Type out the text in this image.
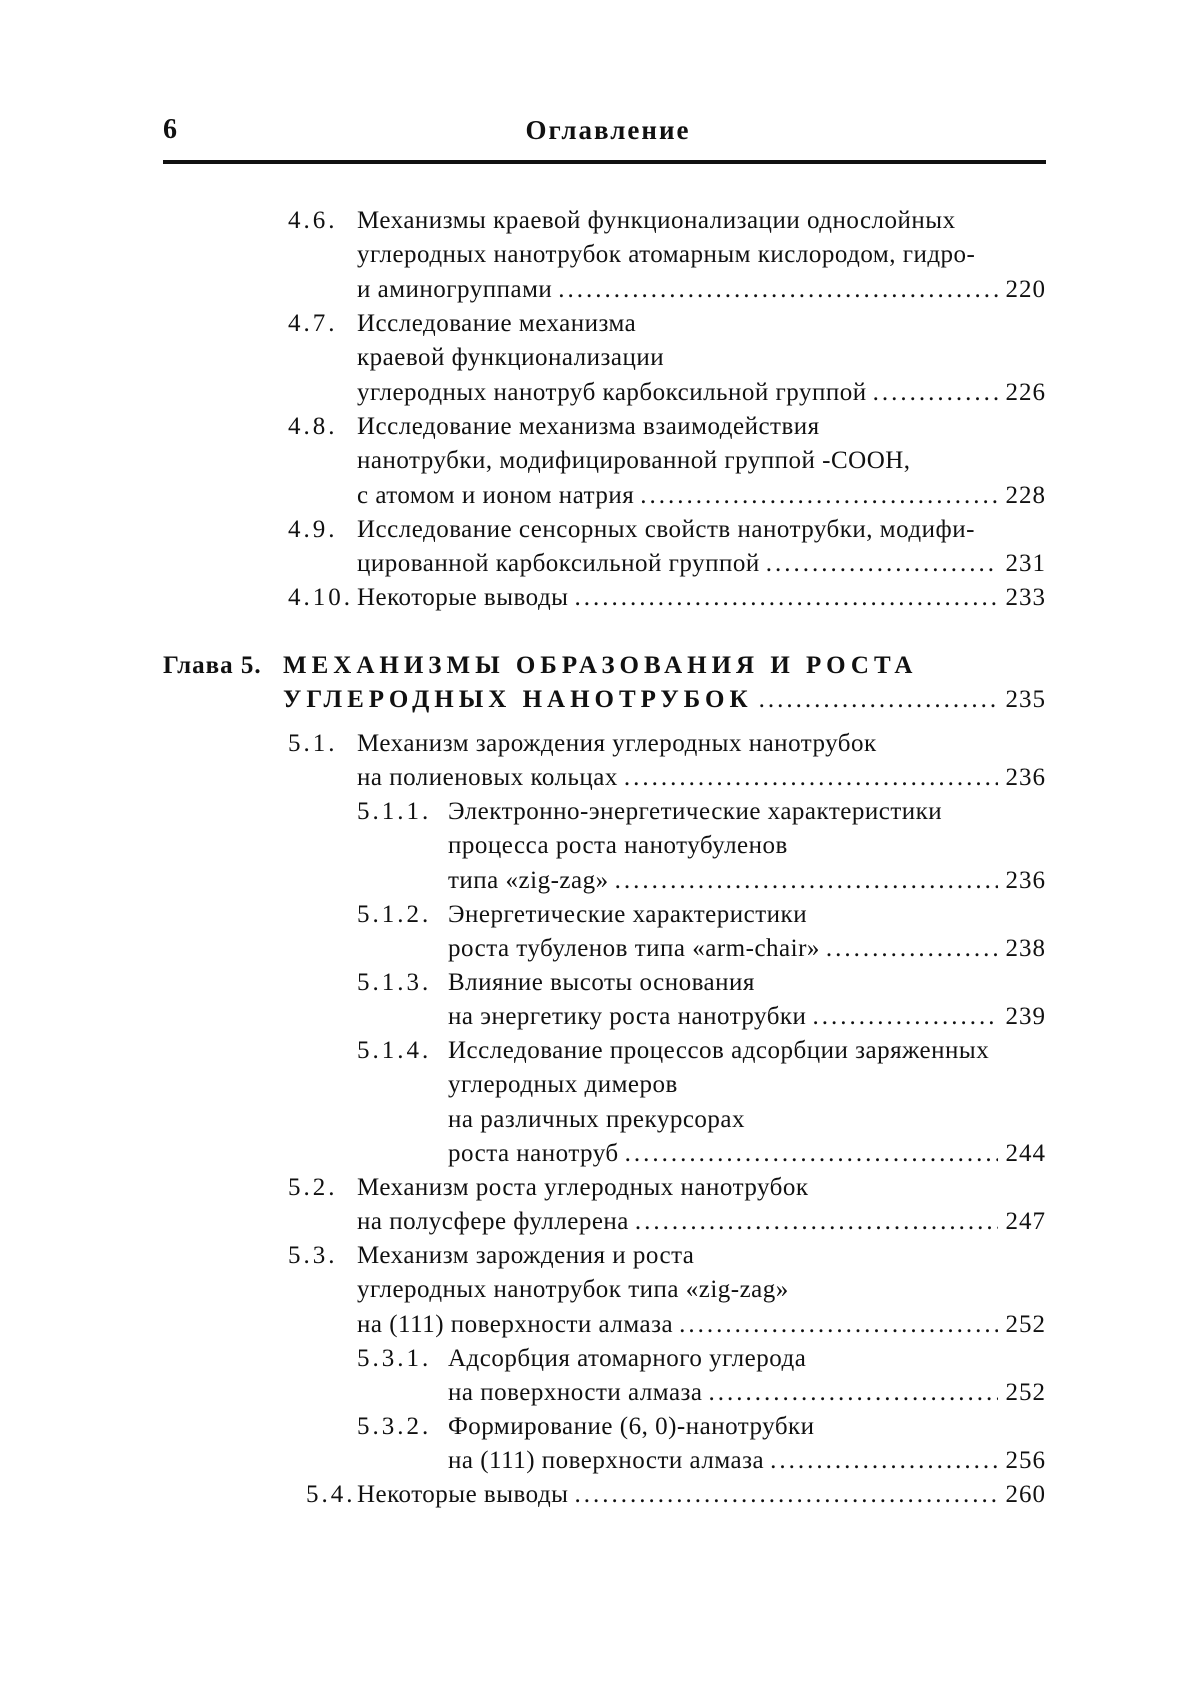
6	Оглавление
4.6. Механизмы краевой функционализации однослойных
углеродных нанотрубок атомарным кислородом, гидро-
и аминогруппами .....	220
4.7. Исследование механизма
краевой функционализации
углеродных нанотруб карбоксильной группой .....	226
4.8. Исследование механизма взаимодействия
нанотрубки, модифицированной группой -COOH,
с атомом и ионом натрия .....	228
4.9. Исследование сенсорных свойств нанотрубки, модифи-
цированной карбоксильной группой .....	231
4.10. Некоторые выводы .....	233
Глава 5. МЕХАНИЗМЫ ОБРАЗОВАНИЯ И РОСТА
УГЛЕРОДНЫХ НАНОТРУБОК .....	235
5.1. Механизм зарождения углеродных нанотрубок
на полиеновых кольцах .....	236
5.1.1. Электронно-энергетические характеристики
процесса роста нанотубуленов
типа «zig-zag» .....	236
5.1.2. Энергетические характеристики
роста тубуленов типа «arm-chair» .....	238
5.1.3. Влияние высоты основания
на энергетику роста нанотрубки .....	239
5.1.4. Исследование процессов адсорбции заряженных
углеродных димеров
на различных прекурсорах
роста нанотруб .....	244
5.2. Механизм роста углеродных нанотрубок
на полусфере фуллерена .....	247
5.3. Механизм зарождения и роста
углеродных нанотрубок типа «zig-zag»
на (111) поверхности алмаза .....	252
5.3.1. Адсорбция атомарного углерода
на поверхности алмаза .....	252
5.3.2. Формирование (6, 0)-нанотрубки
на (111) поверхности алмаза .....	256
5.4. Некоторые выводы .....	260
